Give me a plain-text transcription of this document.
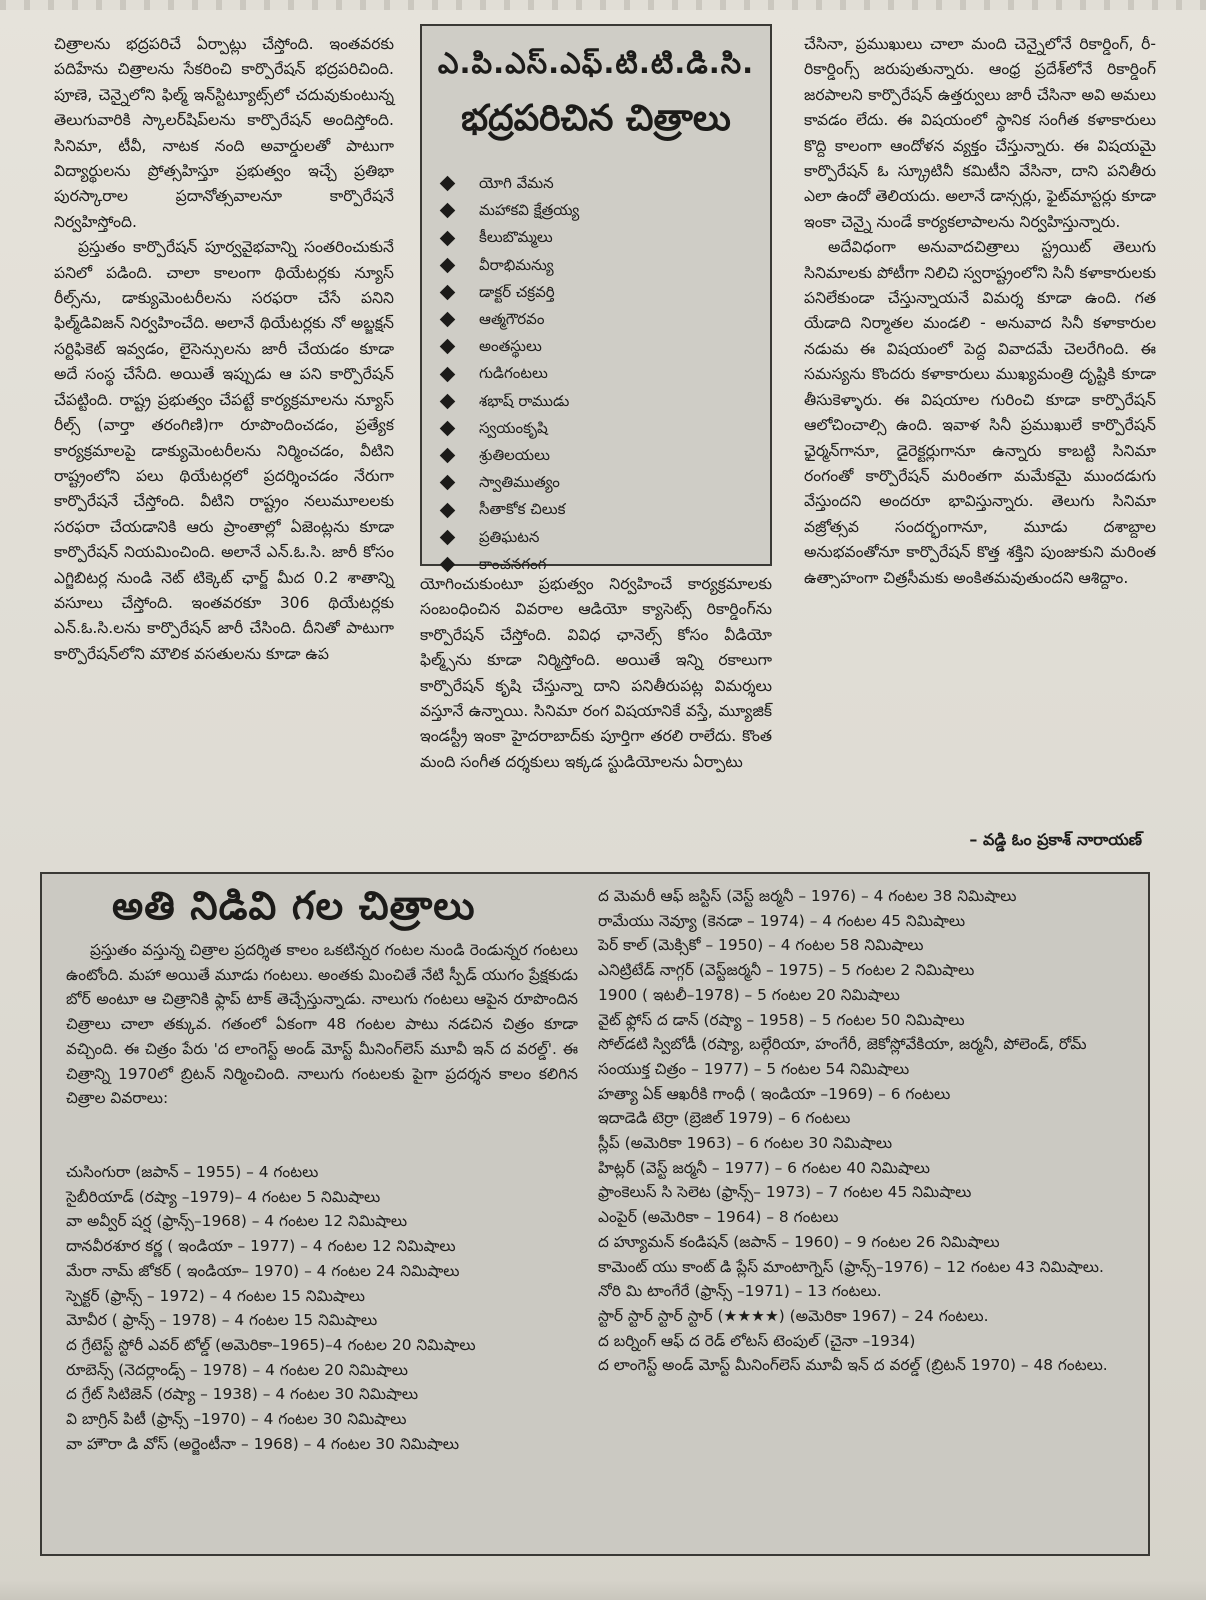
చిత్రాలను భద్రపరిచే ఏర్పాట్లు చేస్తోంది. ఇంతవరకు పదిహేను చిత్రాలను సేకరించి కార్పొరేషన్ భద్రపరిచింది. పూణె, చెన్నైలోని ఫిల్మ్ ఇన్‌స్టిట్యూట్స్‌లో చదువుకుంటున్న తెలుగువారికి స్కాలర్‌షిప్‌లను కార్పొరేషన్ అందిస్తోంది. సినిమా, టీవీ, నాటక నంది అవార్డులతో పాటుగా విద్యార్థులను ప్రోత్సహిస్తూ ప్రభుత్వం ఇచ్చే ప్రతిభా పురస్కారాల ప్రదానోత్సవాలనూ కార్పొరేషనే నిర్వహిస్తోంది.

ప్రస్తుతం కార్పొరేషన్ పూర్వవైభవాన్ని సంతరించుకునే పనిలో పడింది. చాలా కాలంగా థియేటర్లకు న్యూస్ రీల్స్‌ను, డాక్యుమెంటరీలను సరఫరా చేసే పనిని ఫిల్మ్‌డివిజన్ నిర్వహించేది. అలానే థియేటర్లకు నో అబ్జక్షన్ సర్టిఫికెట్ ఇవ్వడం, లైసెన్సులను జారీ చేయడం కూడా అదే సంస్థ చేసేది. అయితే ఇప్పుడు ఆ పని కార్పొరేషన్ చేపట్టింది. రాష్ట్ర ప్రభుత్వం చేపట్టే కార్యక్రమాలను న్యూస్ రీల్స్ (వార్తా తరంగిణి)గా రూపొందించడం, ప్రత్యేక కార్యక్రమాలపై డాక్యుమెంటరీలను నిర్మించడం, వీటిని రాష్ట్రంలోని పలు థియేటర్లలో ప్రదర్శించడం నేరుగా కార్పొరేషనే చేస్తోంది. వీటిని రాష్ట్రం నలుమూలలకు సరఫరా చేయడానికి ఆరు ప్రాంతాల్లో ఏజెంట్లను కూడా కార్పొరేషన్ నియమించింది. అలానే ఎన్.ఓ.సి. జారీ కోసం ఎగ్జిబిటర్ల నుండి నెట్ టిక్కెట్ ఛార్జ్ మీద 0.2 శాతాన్ని వసూలు చేస్తోంది. ఇంతవరకూ 306 థియేటర్లకు ఎన్.ఓ.సి.లను కార్పొరేషన్ జారీ చేసింది. దీనితో పాటుగా కార్పొరేషన్‌లోని మౌలిక వసతులను కూడా ఉప

ఎ.పి.ఎస్.ఎఫ్.టి.టి.డి.సి.
భద్రపరిచిన చిత్రాలు
యోగి వేమన
మహాకవి క్షేత్రయ్య
కీలుబొమ్మలు
వీరాభిమన్యు
డాక్టర్ చక్రవర్తి
ఆత్మగౌరవం
అంతస్థులు
గుడిగంటలు
శభాష్ రాముడు
స్వయంకృషి
శ్రుతిలయలు
స్వాతిముత్యం
సీతాకోక చిలుక
ప్రతిఘటన
కాంచనగంగ

యోగించుకుంటూ ప్రభుత్వం నిర్వహించే కార్యక్రమాలకు సంబంధించిన వివరాల ఆడియో క్యాసెట్స్ రికార్డింగ్‌ను కార్పొరేషన్ చేస్తోంది. వివిధ ఛానెల్స్ కోసం వీడియో ఫిల్మ్స్‌ను కూడా నిర్మిస్తోంది. అయితే ఇన్ని రకాలుగా కార్పొరేషన్ కృషి చేస్తున్నా దాని పనితీరుపట్ల విమర్శలు వస్తూనే ఉన్నాయి. సినిమా రంగ విషయానికే వస్తే, మ్యూజిక్ ఇండస్ట్రీ ఇంకా హైదరాబాద్‌కు పూర్తిగా తరలి రాలేదు. కొంత మంది సంగీత దర్శకులు ఇక్కడ స్టుడియోలను ఏర్పాటు

చేసినా, ప్రముఖులు చాలా మంది చెన్నైలోనే రికార్డింగ్, రీ-రికార్డింగ్స్ జరుపుతున్నారు. ఆంధ్ర ప్రదేశ్‌లోనే రికార్డింగ్ జరపాలని కార్పొరేషన్ ఉత్తర్వులు జారీ చేసినా అవి అమలు కావడం లేదు. ఈ విషయంలో స్థానిక సంగీత కళాకారులు కొద్ది కాలంగా ఆందోళన వ్యక్తం చేస్తున్నారు. ఈ విషయమై కార్పొరేషన్ ఓ స్క్రూటినీ కమిటీని వేసినా, దాని పనితీరు ఎలా ఉందో తెలియదు. అలానే డాన్సర్లు, ఫైట్‌మాస్టర్లు కూడా ఇంకా చెన్నై నుండే కార్యకలాపాలను నిర్వహిస్తున్నారు.

అదేవిధంగా అనువాదచిత్రాలు స్ట్రయిట్ తెలుగు సినిమాలకు పోటీగా నిలిచి స్వరాష్ట్రంలోని సినీ కళాకారులకు పనిలేకుండా చేస్తున్నాయనే విమర్శ కూడా ఉంది. గత యేడాది నిర్మాతల మండలి - అనువాద సినీ కళాకారుల నడుమ ఈ విషయంలో పెద్ద వివాదమే చెలరేగింది. ఈ సమస్యను కొందరు కళాకారులు ముఖ్యమంత్రి దృష్టికి కూడా తీసుకెళ్ళారు. ఈ విషయాల గురించి కూడా కార్పొరేషన్ ఆలోచించాల్సి ఉంది. ఇవాళ సినీ ప్రముఖులే కార్పొరేషన్ ఛైర్మన్‌గానూ, డైరెక్టర్లుగానూ ఉన్నారు కాబట్టి సినిమా రంగంతో కార్పొరేషన్ మరింతగా మమేకమై ముందడుగు వేస్తుందని అందరూ భావిస్తున్నారు. తెలుగు సినిమా వజ్రోత్సవ సందర్భంగానూ, మూడు దశాబ్దాల అనుభవంతోనూ కార్పొరేషన్ కొత్త శక్తిని పుంజుకుని మరింత ఉత్సాహంగా చిత్రసీమకు అంకితమవుతుందని ఆశిద్దాం.

– వడ్డి ఓం ప్రకాశ్ నారాయణ్
అతి నిడివి గల చిత్రాలు

ప్రస్తుతం వస్తున్న చిత్రాల ప్రదర్శిత కాలం ఒకటిన్నర గంటల నుండి రెండున్నర గంటలు ఉంటోంది. మహా అయితే మూడు గంటలు. అంతకు మించితే నేటి స్పీడ్ యుగం ప్రేక్షకుడు బోర్ అంటూ ఆ చిత్రానికి ఫ్లాప్ టాక్ తెచ్చేస్తున్నాడు. నాలుగు గంటలు ఆపైన రూపొందిన చిత్రాలు చాలా తక్కువ. గతంలో ఏకంగా 48 గంటల పాటు నడచిన చిత్రం కూడా వచ్చింది. ఈ చిత్రం పేరు 'ద లాంగెస్ట్ అండ్ మోస్ట్ మీనింగ్‌లెస్ మూవీ ఇన్ ద వరల్డ్'. ఈ చిత్రాన్ని 1970లో బ్రిటన్ నిర్మించింది. నాలుగు గంటలకు పైగా ప్రదర్శన కాలం కలిగిన చిత్రాల వివరాలు:

చుసింగురా (జపాన్ – 1955) – 4 గంటలు
సైబీరియాడ్ (రష్యా –1979)– 4 గంటల 5 నిమిషాలు
వా అవ్వీర్ షర్ష (ఫ్రాన్స్–1968) – 4 గంటల 12 నిమిషాలు
దానవీరశూర కర్ణ ( ఇండియా – 1977) – 4 గంటల 12 నిమిషాలు
మేరా నామ్ జోకర్ ( ఇండియా– 1970) – 4 గంటల 24 నిమిషాలు
స్పెక్టర్ (ఫ్రాన్స్ – 1972) – 4 గంటల 15 నిమిషాలు
మోవీర ( ఫ్రాన్స్ – 1978) – 4 గంటల 15 నిమిషాలు
ద గ్రేటెస్ట్ స్టోరీ ఎవర్ టోల్డ్ (అమెరికా–1965)–4 గంటల 20 నిమిషాలు
రూబెన్స్ (నెదర్లాండ్స్ – 1978) – 4 గంటల 20 నిమిషాలు
ద గ్రేట్ సిటిజెన్ (రష్యా – 1938) – 4 గంటల 30 నిమిషాలు
వి బాగ్రిన్ పిటీ (ఫ్రాన్స్ –1970) – 4 గంటల 30 నిమిషాలు
వా హౌరా డి వోస్ (అర్జెంటీనా – 1968) – 4 గంటల 30 నిమిషాలు
ద మెమరీ ఆఫ్ జస్టిస్ (వెస్ట్ జర్మనీ – 1976) – 4 గంటల 38 నిమిషాలు
రామేయు నెవ్యూ (కెనడా – 1974) – 4 గంటల 45 నిమిషాలు
పెర్ కాల్ (మెక్సికో – 1950) – 4 గంటల 58 నిమిషాలు
ఎనిట్రిటేడ్ నాగ్గర్ (వెస్ట్‌జర్మనీ – 1975) – 5 గంటల 2 నిమిషాలు
1900 ( ఇటలీ–1978) – 5 గంటల 20 నిమిషాలు
వైట్ ఫ్లోస్ ద డాన్ (రష్యా – 1958) – 5 గంటల 50 నిమిషాలు
సోల్‌డటి స్విబోడీ (రష్యా, బల్గేరియా, హంగేరీ, జెకోస్లోవేకియా, జర్మనీ, పోలెండ్, రోమ్ సంయుక్త చిత్రం – 1977) – 5 గంటల 54 నిమిషాలు
హత్యా ఏక్ ఆఖరీకి గాంధీ ( ఇండియా –1969) – 6 గంటలు
ఇదాడెడి టెర్రా (బ్రెజిల్ 1979) – 6 గంటలు
స్లీప్ (అమెరికా 1963) – 6 గంటల 30 నిమిషాలు
హిట్లర్ (వెస్ట్ జర్మనీ – 1977) – 6 గంటల 40 నిమిషాలు
ఫ్రాంకెలుస్ సి సెలెట (ఫ్రాన్స్– 1973) – 7 గంటల 45 నిమిషాలు
ఎంపైర్ (అమెరికా – 1964) – 8 గంటలు
ద హ్యూమన్ కండిషన్ (జపాన్ – 1960) – 9 గంటల 26 నిమిషాలు
కామెంట్ యు కాంట్ డి ప్లేస్ మాంటాగ్నెస్ (ఫ్రాన్స్–1976) – 12 గంటల 43 నిమిషాలు.
నోరి మి టాంగేరే (ఫ్రాన్స్ –1971) – 13 గంటలు.
స్టార్ స్టార్ స్టార్ స్టార్ (★★★★) (అమెరికా 1967) – 24 గంటలు.
ద బర్నింగ్ ఆఫ్ ద రెడ్ లోటస్ టెంపుల్ (చైనా –1934)
ద లాంగెస్ట్ అండ్ మోస్ట్ మీనింగ్‌లెస్ మూవీ ఇన్ ద వరల్డ్ (బ్రిటన్ 1970) – 48 గంటలు.
